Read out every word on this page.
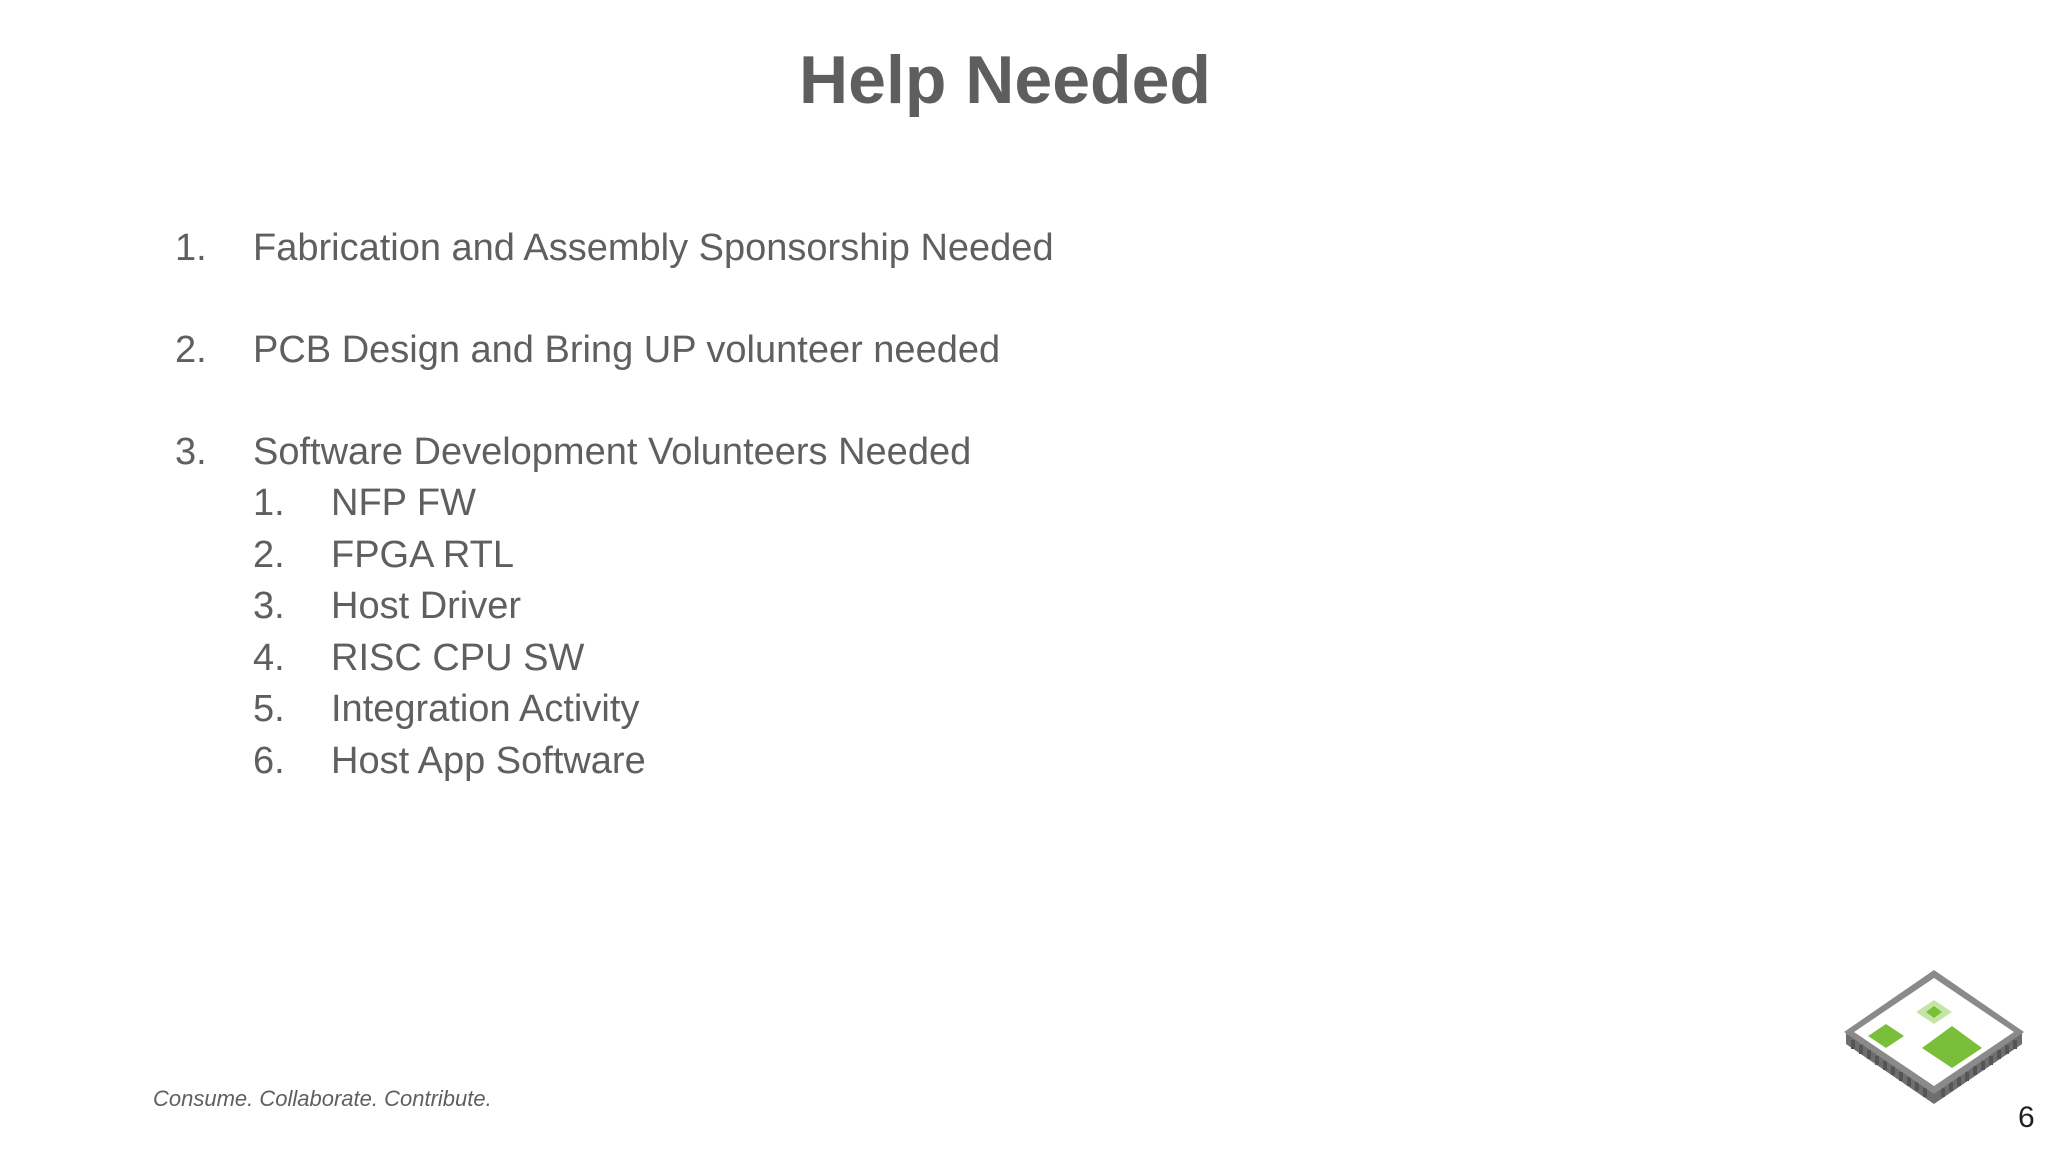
Help Needed
1.	Fabrication and Assembly Sponsorship Needed
2.	PCB Design and Bring UP volunteer needed
3.	Software Development Volunteers Needed
1.	NFP FW
2.	FPGA RTL
3.	Host Driver
4.	RISC CPU SW
5.	Integration Activity
6.	Host App Software
Consume. Collaborate. Contribute.
6
